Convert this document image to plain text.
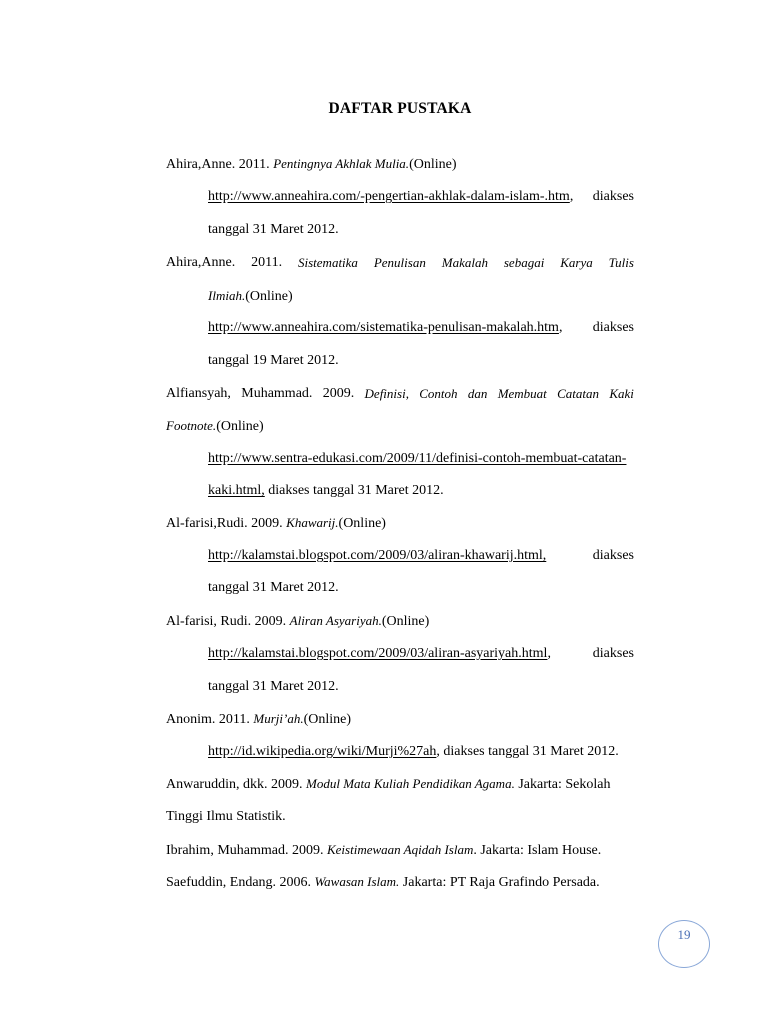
DAFTAR PUSTAKA
Ahira,Anne. 2011. Pentingnya Akhlak Mulia.(Online)
http://www.anneahira.com/-pengertian-akhlak-dalam-islam-.htm, diakses
tanggal 31 Maret 2012.
Ahira,Anne. 2011. Sistematika Penulisan Makalah sebagai Karya Tulis
Ilmiah.(Online)
http://www.anneahira.com/sistematika-penulisan-makalah.htm, diakses
tanggal 19 Maret 2012.
Alfiansyah, Muhammad. 2009. Definisi, Contoh dan Membuat Catatan Kaki
Footnote.(Online)
http://www.sentra-edukasi.com/2009/11/definisi-contoh-membuat-catatan-
kaki.html, diakses tanggal 31 Maret 2012.
Al-farisi,Rudi. 2009. Khawarij.(Online)
http://kalamstai.blogspot.com/2009/03/aliran-khawarij.html,	diakses
tanggal 31 Maret 2012.
Al-farisi, Rudi. 2009. Aliran Asyariyah.(Online)
http://kalamstai.blogspot.com/2009/03/aliran-asyariyah.html,	diakses
tanggal 31 Maret 2012.
Anonim. 2011. Murji’ah.(Online)
http://id.wikipedia.org/wiki/Murji%27ah, diakses tanggal 31 Maret 2012.
Anwaruddin, dkk. 2009. Modul Mata Kuliah Pendidikan Agama. Jakarta: Sekolah
Tinggi Ilmu Statistik.
Ibrahim, Muhammad. 2009. Keistimewaan Aqidah Islam. Jakarta: Islam House.
Saefuddin, Endang. 2006. Wawasan Islam. Jakarta: PT Raja Grafindo Persada.
19
